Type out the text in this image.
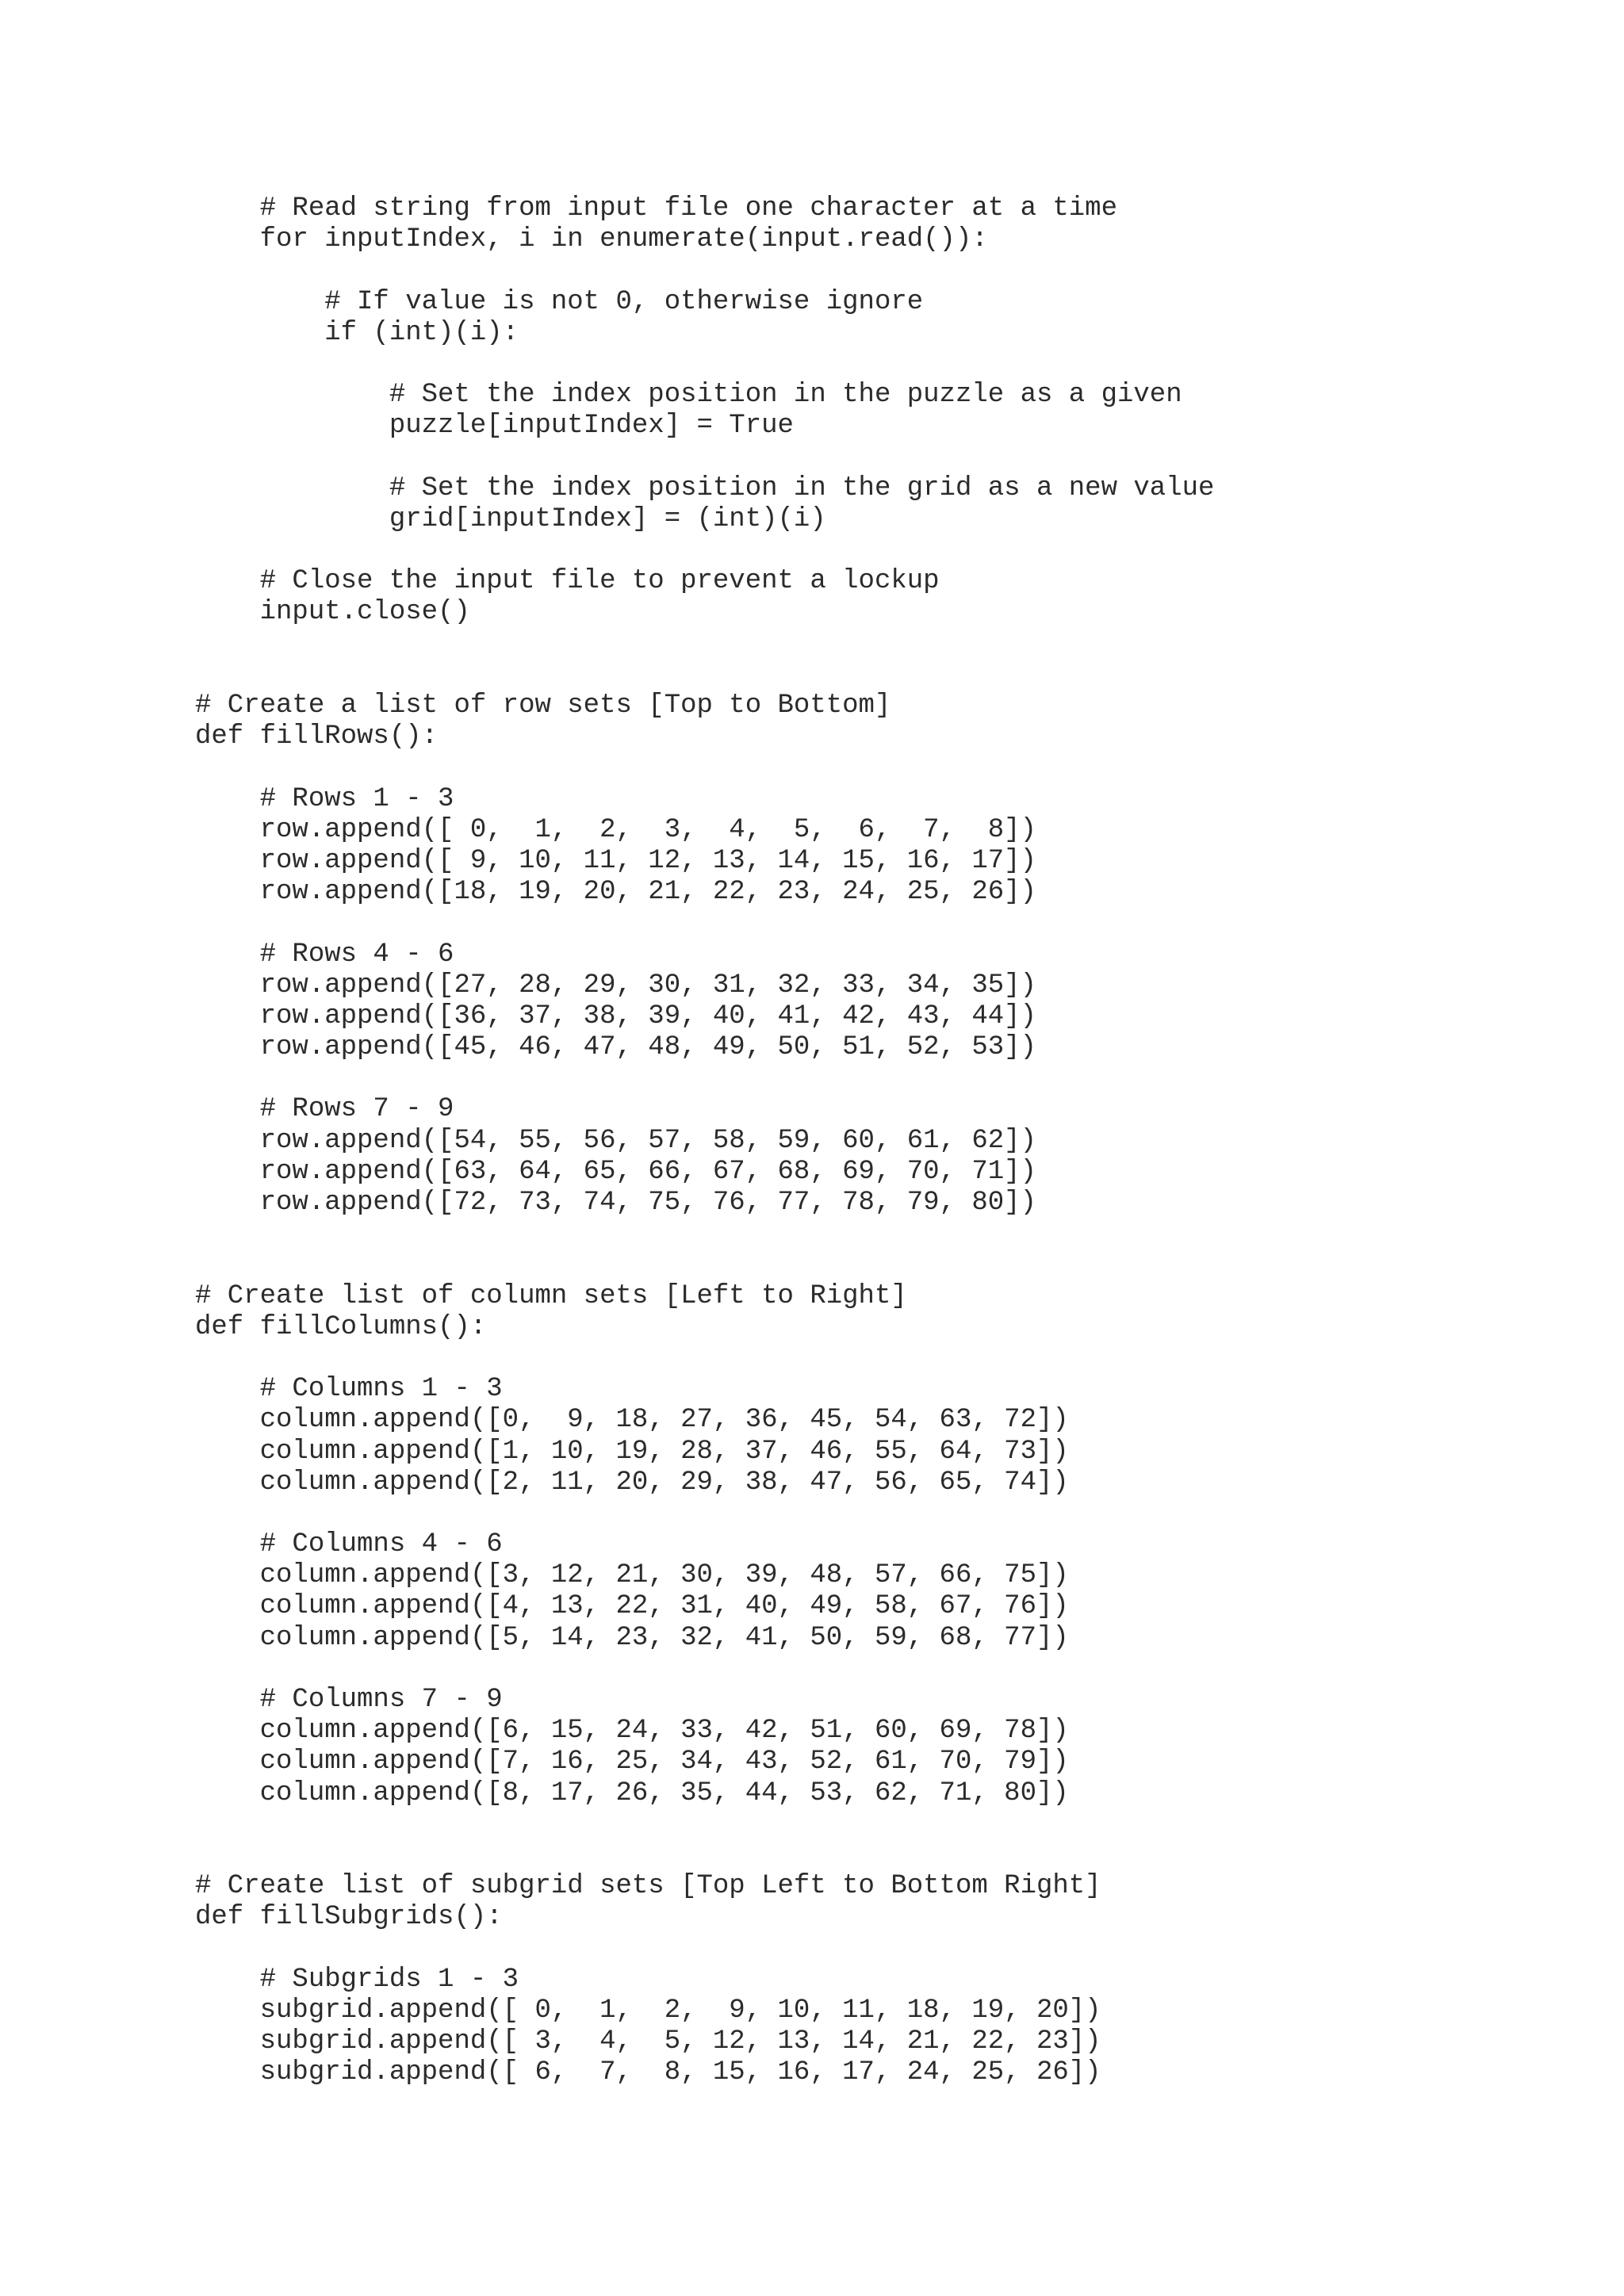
# Read string from input file one character at a time
for inputIndex, i in enumerate(input.read()):
# If value is not 0, otherwise ignore
if (int)(i):
# Set the index position in the puzzle as a given
puzzle[inputIndex] = True
# Set the index position in the grid as a new value
grid[inputIndex] = (int)(i)
# Close the input file to prevent a lockup
input.close()
# Create a list of row sets [Top to Bottom]
def fillRows():
# Rows 1 - 3
row.append([ 0,  1,  2,  3,  4,  5,  6,  7,  8])
row.append([ 9, 10, 11, 12, 13, 14, 15, 16, 17])
row.append([18, 19, 20, 21, 22, 23, 24, 25, 26])
# Rows 4 - 6
row.append([27, 28, 29, 30, 31, 32, 33, 34, 35])
row.append([36, 37, 38, 39, 40, 41, 42, 43, 44])
row.append([45, 46, 47, 48, 49, 50, 51, 52, 53])
# Rows 7 - 9
row.append([54, 55, 56, 57, 58, 59, 60, 61, 62])
row.append([63, 64, 65, 66, 67, 68, 69, 70, 71])
row.append([72, 73, 74, 75, 76, 77, 78, 79, 80])
# Create list of column sets [Left to Right]
def fillColumns():
# Columns 1 - 3
column.append([0,  9, 18, 27, 36, 45, 54, 63, 72])
column.append([1, 10, 19, 28, 37, 46, 55, 64, 73])
column.append([2, 11, 20, 29, 38, 47, 56, 65, 74])
# Columns 4 - 6
column.append([3, 12, 21, 30, 39, 48, 57, 66, 75])
column.append([4, 13, 22, 31, 40, 49, 58, 67, 76])
column.append([5, 14, 23, 32, 41, 50, 59, 68, 77])
# Columns 7 - 9
column.append([6, 15, 24, 33, 42, 51, 60, 69, 78])
column.append([7, 16, 25, 34, 43, 52, 61, 70, 79])
column.append([8, 17, 26, 35, 44, 53, 62, 71, 80])
# Create list of subgrid sets [Top Left to Bottom Right]
def fillSubgrids():
# Subgrids 1 - 3
subgrid.append([ 0,  1,  2,  9, 10, 11, 18, 19, 20])
subgrid.append([ 3,  4,  5, 12, 13, 14, 21, 22, 23])
subgrid.append([ 6,  7,  8, 15, 16, 17, 24, 25, 26])
